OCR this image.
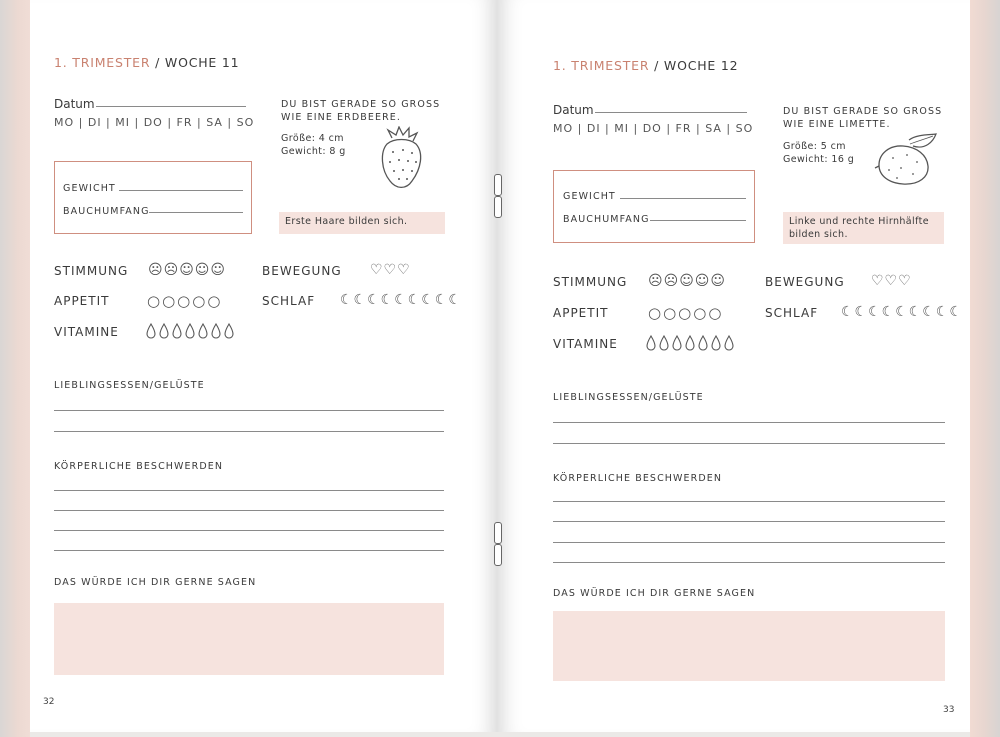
1. TRIMESTER / WOCHE 11
Datum
MO | DI | MI | DO | FR | SA | SO
DU BIST GERADE SO GROSS WIE EINE ERDBEERE.
Größe: 4 cm
Gewicht: 8 g
GEWICHT
BAUCHUMFANG
Erste Haare bilden sich.
STIMMUNG ☹☹☺☺☺	BEWEGUNG ♡♡♡
APPETIT	○○○○○	SCHLAF ☾☾☾☾☾☾☾☾☾
VITAMINE
LIEBLINGSESSEN/GELÜSTE
KÖRPERLICHE BESCHWERDEN
DAS WÜRDE ICH DIR GERNE SAGEN
32
1. TRIMESTER / WOCHE 12
Datum
MO | DI | MI | DO | FR | SA | SO
DU BIST GERADE SO GROSS WIE EINE LIMETTE.
Größe: 5 cm
Gewicht: 16 g
GEWICHT
BAUCHUMFANG	Linke und rechte Hirnhälfte bilden sich.
STIMMUNG ☹☹☺☺☺	BEWEGUNG ♡♡♡
APPETIT	○○○○○	SCHLAF ☾☾☾☾☾☾☾☾☾
VITAMINE
LIEBLINGSESSEN/GELÜSTE
KÖRPERLICHE BESCHWERDEN
DAS WÜRDE ICH DIR GERNE SAGEN
33
